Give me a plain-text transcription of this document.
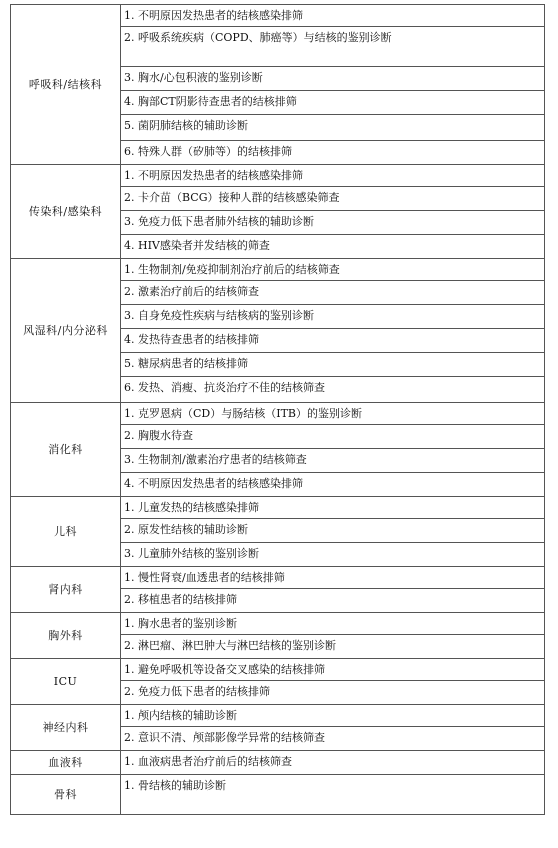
呼吸科/结核科	1. 不明原因发热患者的结核感染排筛
	2. 呼吸系统疾病（COPD、肺癌等）与结核的鉴别诊断
	3. 胸水/心包积液的鉴别诊断
	4. 胸部CT阴影待查患者的结核排筛
	5. 菌阴肺结核的辅助诊断
	6. 特殊人群（矽肺等）的结核排筛
传染科/感染科	1. 不明原因发热患者的结核感染排筛
	2. 卡介苗（BCG）接种人群的结核感染筛查
	3. 免疫力低下患者肺外结核的辅助诊断
	4. HIV感染者并发结核的筛查
风湿科/内分泌科	1. 生物制剂/免疫抑制剂治疗前后的结核筛查
	2. 激素治疗前后的结核筛查
	3. 自身免疫性疾病与结核病的鉴别诊断
	4. 发热待查患者的结核排筛
	5. 糖尿病患者的结核排筛
	6. 发热、消瘦、抗炎治疗不佳的结核筛查
消化科	1. 克罗恩病（CD）与肠结核（ITB）的鉴别诊断
	2. 胸腹水待查
	3. 生物制剂/激素治疗患者的结核筛查
	4. 不明原因发热患者的结核感染排筛
儿科	1. 儿童发热的结核感染排筛
	2. 原发性结核的辅助诊断
	3. 儿童肺外结核的鉴别诊断
肾内科	1. 慢性肾衰/血透患者的结核排筛
	2. 移植患者的结核排筛
胸外科	1. 胸水患者的鉴别诊断
	2. 淋巴瘤、淋巴肿大与淋巴结核的鉴别诊断
ICU	1. 避免呼吸机等设备交叉感染的结核排筛
	2. 免疫力低下患者的结核排筛
神经内科	1. 颅内结核的辅助诊断
	2. 意识不清、颅部影像学异常的结核筛查
血液科	1. 血液病患者治疗前后的结核筛查
骨科	1. 骨结核的辅助诊断
